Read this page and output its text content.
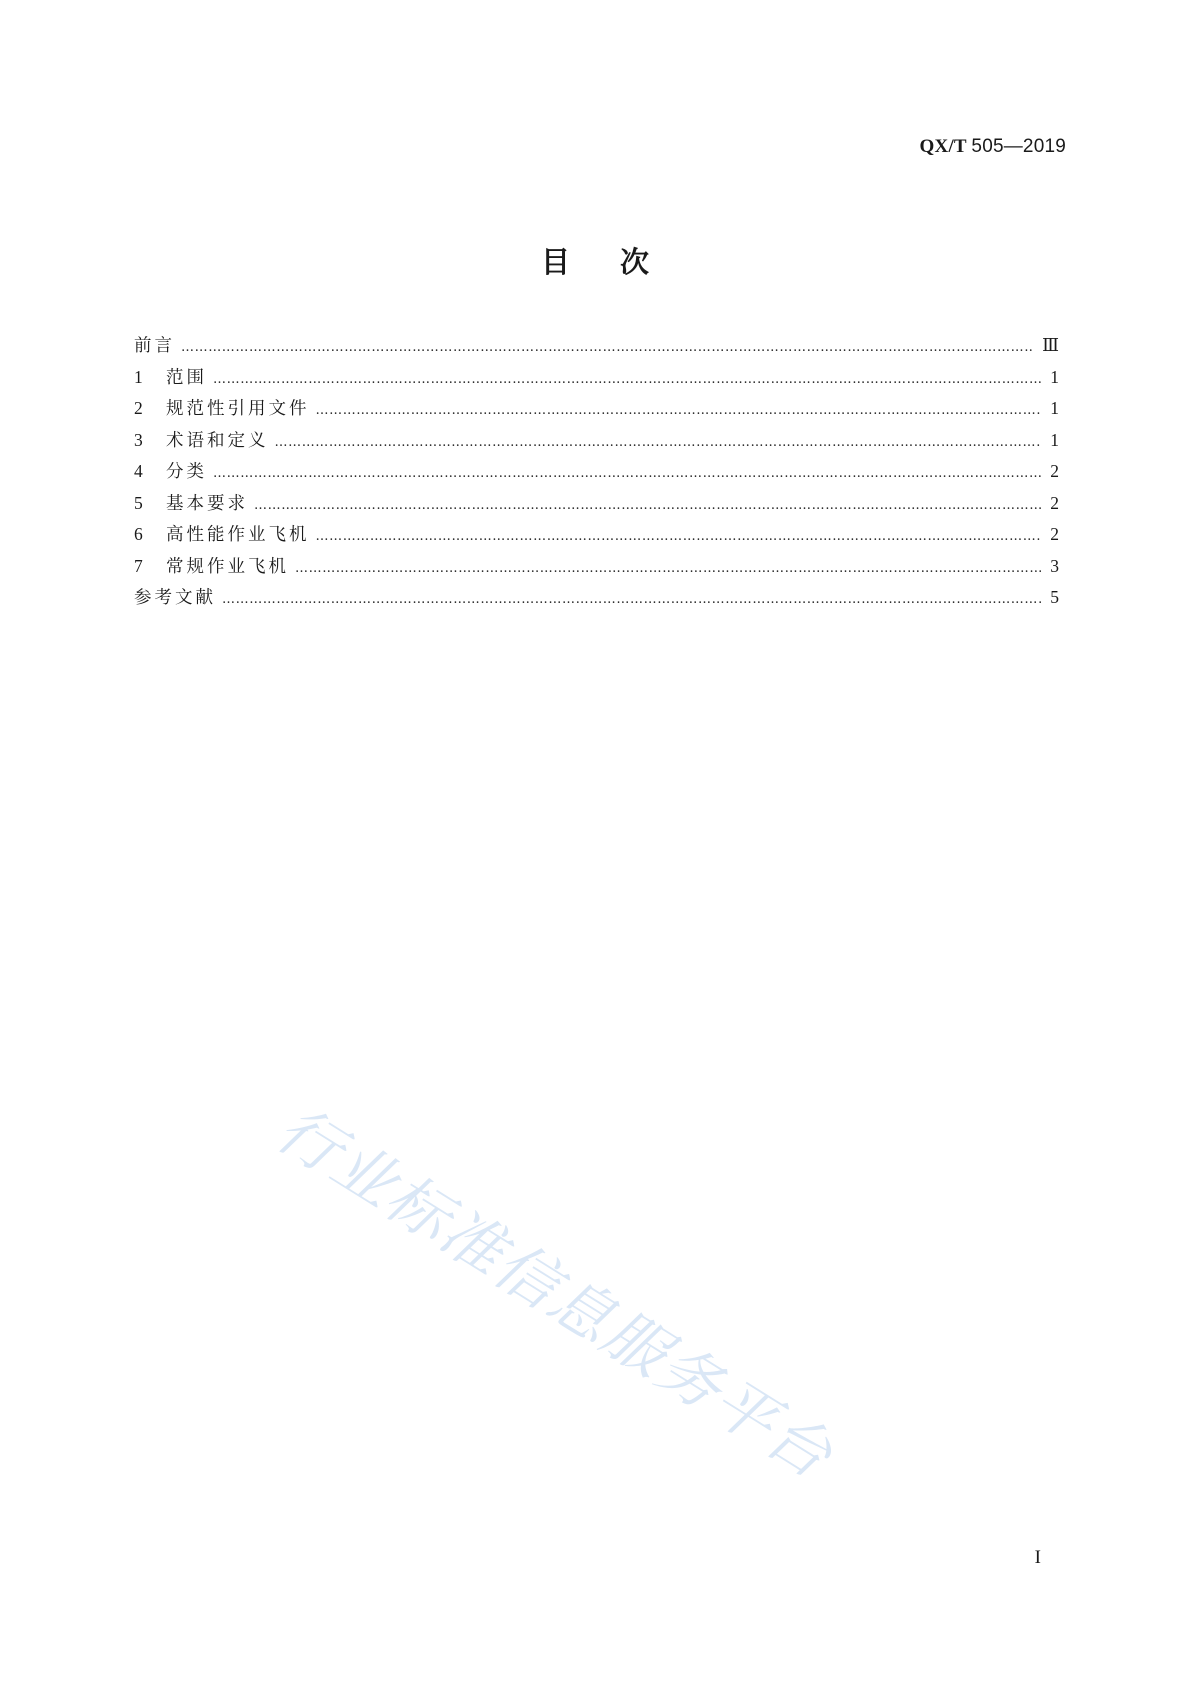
QX/T 505—2019
目次
前言 ……………………………………………………………………………………………………………………………………………………………………………………………………………………………………………………	Ⅲ
1	范围 ……………………………………………………………………………………………………………………………………………………………………………………………………………………………………………………	1
2	规范性引用文件 ……………………………………………………………………………………………………………………………………………………………………………………………………………………………………………………	1
3	术语和定义 ……………………………………………………………………………………………………………………………………………………………………………………………………………………………………………………	1
4	分类 ……………………………………………………………………………………………………………………………………………………………………………………………………………………………………………………	2
5	基本要求 ……………………………………………………………………………………………………………………………………………………………………………………………………………………………………………………	2
6	高性能作业飞机 ……………………………………………………………………………………………………………………………………………………………………………………………………………………………………………………	2
7	常规作业飞机 ……………………………………………………………………………………………………………………………………………………………………………………………………………………………………………………	3
参考文献 ……………………………………………………………………………………………………………………………………………………………………………………………………………………………………………………	5
行业标准信息服务平台
I
